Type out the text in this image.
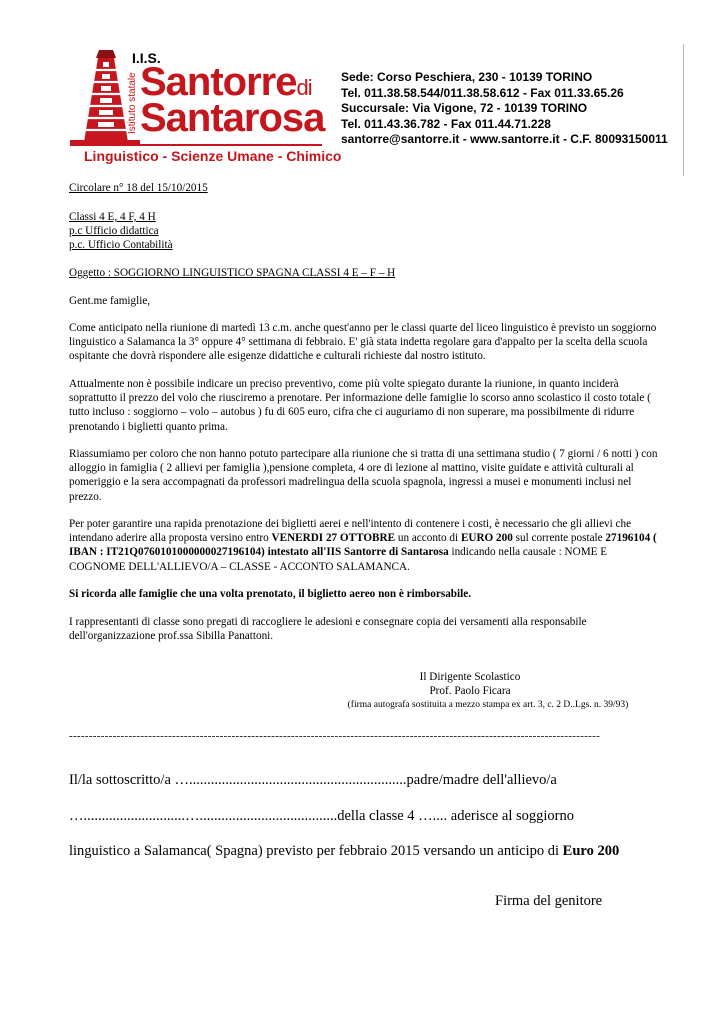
I.I.S.
Istituto statale Santorredi
Santarosa
Linguistico - Scienze Umane - Chimico
Sede: Corso Peschiera, 230 - 10139 TORINO
Tel. 011.38.58.544/011.38.58.612 - Fax 011.33.65.26
Succursale: Via Vigone, 72 - 10139 TORINO
Tel. 011.43.36.782 - Fax 011.44.71.228
santorre@santorre.it - www.santorre.it - C.F. 80093150011
Circolare n° 18 del 15/10/2015
Classi 4 E, 4 F, 4 H
p.c Ufficio didattica
p.c. Ufficio Contabilità
Oggetto : SOGGIORNO LINGUISTICO SPAGNA CLASSI 4 E – F – H
Gent.me famiglie,
Come anticipato nella riunione di martedì 13 c.m. anche quest'anno per le classi quarte del liceo linguistico è previsto un soggiorno linguistico a Salamanca la 3° oppure 4° settimana di febbraio. E' già stata indetta regolare gara d'appalto per la scelta della scuola ospitante che dovrà rispondere alle esigenze didattiche e culturali richieste dal nostro istituto.
Attualmente non è possibile indicare un preciso preventivo, come più volte spiegato durante la riunione, in quanto inciderà soprattutto il prezzo del volo che riusciremo a prenotare. Per informazione delle famiglie lo scorso anno scolastico il costo totale ( tutto incluso : soggiorno – volo – autobus ) fu di 605 euro, cifra che ci auguriamo di non superare, ma possibilmente di ridurre prenotando i biglietti quanto prima.
Riassumiamo per coloro che non hanno potuto partecipare alla riunione che si tratta di una settimana studio ( 7 giorni / 6 notti ) con alloggio in famiglia ( 2 allievi per famiglia ),pensione completa, 4 ore di lezione al mattino, visite guidate e attività culturali al pomeriggio e la sera accompagnati da professori madrelingua della scuola spagnola, ingressi a musei e monumenti inclusi nel prezzo.
Per poter garantire una rapida prenotazione dei biglietti aerei e nell'intento di contenere i costi, è necessario che gli allievi che intendano aderire alla proposta versino entro VENERDI 27 OTTOBRE un acconto di EURO 200 sul corrente postale 27196104 ( IBAN : IT21Q0760101000000027196104) intestato all'IIS Santorre di Santarosa indicando nella causale : NOME E COGNOME DELL'ALLIEVO/A – CLASSE - ACCONTO SALAMANCA.
Si ricorda alle famiglie che una volta prenotato, il biglietto aereo non è rimborsabile.
I rappresentanti di classe sono pregati di raccogliere le adesioni e consegnare copia dei versamenti alla responsabile dell'organizzazione prof.ssa Sibilla Panattoni.
Il Dirigente Scolastico
Prof. Paolo Ficara
(firma autografa sostituita a mezzo stampa ex art. 3, c. 2 D..Lgs. n. 39/93)
--------------------------------------------------------------------------------------------------------------------------------------
Il/la sottoscritto/a …............................................................padre/madre dell'allievo/a
…............................…......................................della classe 4 ….... aderisce al soggiorno
linguistico a Salamanca( Spagna) previsto per febbraio 2015 versando un anticipo di Euro 200
Firma del genitore
